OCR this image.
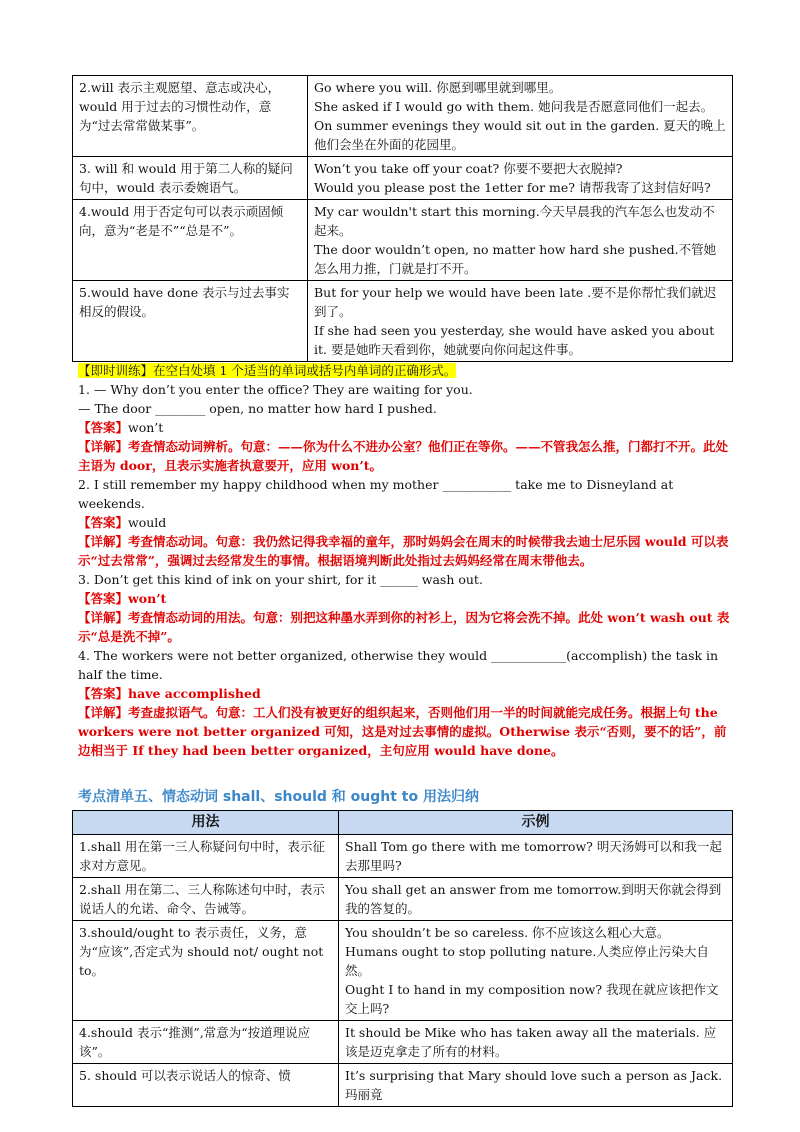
2.will 表示主观愿望、意志或决心，would 用于过去的习惯性动作，意为“过去常常做某事”。	Go where you will. 你愿到哪里就到哪里。
She asked if I would go with them. 她问我是否愿意同他们一起去。
On summer evenings they would sit out in the garden. 夏天的晚上他们会坐在外面的花园里。

3. will 和 would 用于第二人称的疑问句中，would 表示委婉语气。	Won’t you take off your coat? 你要不要把大衣脱掉?
Would you please post the 1etter for me? 请帮我寄了这封信好吗?

4.would 用于否定句可以表示顽固倾向，意为“老是不”“总是不”。	My car wouldn't start this morning.今天早晨我的汽车怎么也发动不起来。
The door wouldn’t open, no matter how hard she pushed.不管她怎么用力推，门就是打不开。

5.would have done 表示与过去事实相反的假设。	But for your help we would have been late .要不是你帮忙我们就迟到了。
If she had seen you yesterday, she would have asked you about it. 要是她昨天看到你，她就要向你问起这件事。

【即时训练】在空白处填 1 个适当的单词或括号内单词的正确形式。

1. — Why don’t you enter the office? They are waiting for you.

— The door ________ open, no matter how hard I pushed.

【答案】won’t

【详解】考查情态动词辨析。句意：——你为什么不进办公室？他们正在等你。——不管我怎么推，门都打不开。此处主语为 door，且表示实施者执意要开，应用 won’t。

2. I still remember my happy childhood when my mother ___________ take me to Disneyland at weekends.

【答案】would

【详解】考查情态动词。句意：我仍然记得我幸福的童年，那时妈妈会在周末的时候带我去迪士尼乐园 would 可以表示“过去常常”，强调过去经常发生的事情。根据语境判断此处指过去妈妈经常在周末带他去。

3. Don’t get this kind of ink on your shirt, for it ______ wash out.

【答案】won’t

【详解】考查情态动词的用法。句意：别把这种墨水弄到你的衬衫上，因为它将会洗不掉。此处 won’t wash out 表示“总是洗不掉”。

4. The workers were not better organized, otherwise they would ____________(accomplish) the task in half the time.

【答案】have accomplished

【详解】考查虚拟语气。句意：工人们没有被更好的组织起来，否则他们用一半的时间就能完成任务。根据上句 the workers were not better organized 可知，这是对过去事情的虚拟。Otherwise 表示“否则，要不的话”，前边相当于 If they had been better organized，主句应用 would have done。

考点清单五、情态动词 shall、should 和 ought to 用法归纳
用法	示例
1.shall 用在第一三人称疑问句中时，表示征求对方意见。	Shall Tom go there with me tomorrow? 明天汤姆可以和我一起去那里吗?

2.shall 用在第二、三人称陈述句中时，表示说话人的允诺、命令、告诫等。	You shall get an answer from me tomorrow.到明天你就会得到我的答复的。

3.should/ought to 表示责任，义务，意为“应该”,否定式为 should not/ ought not to。	You shouldn’t be so careless. 你不应该这么粗心大意。
Humans ought to stop polluting nature.人类应停止污染大自然。
Ought I to hand in my composition now? 我现在就应该把作文交上吗?

4.should 表示“推测”,常意为“按道理说应该”。	It should be Mike who has taken away all the materials. 应该是迈克拿走了所有的材料。

5. should 可以表示说话人的惊奇、愤	It’s surprising that Mary should love such a person as Jack. 玛丽竟
